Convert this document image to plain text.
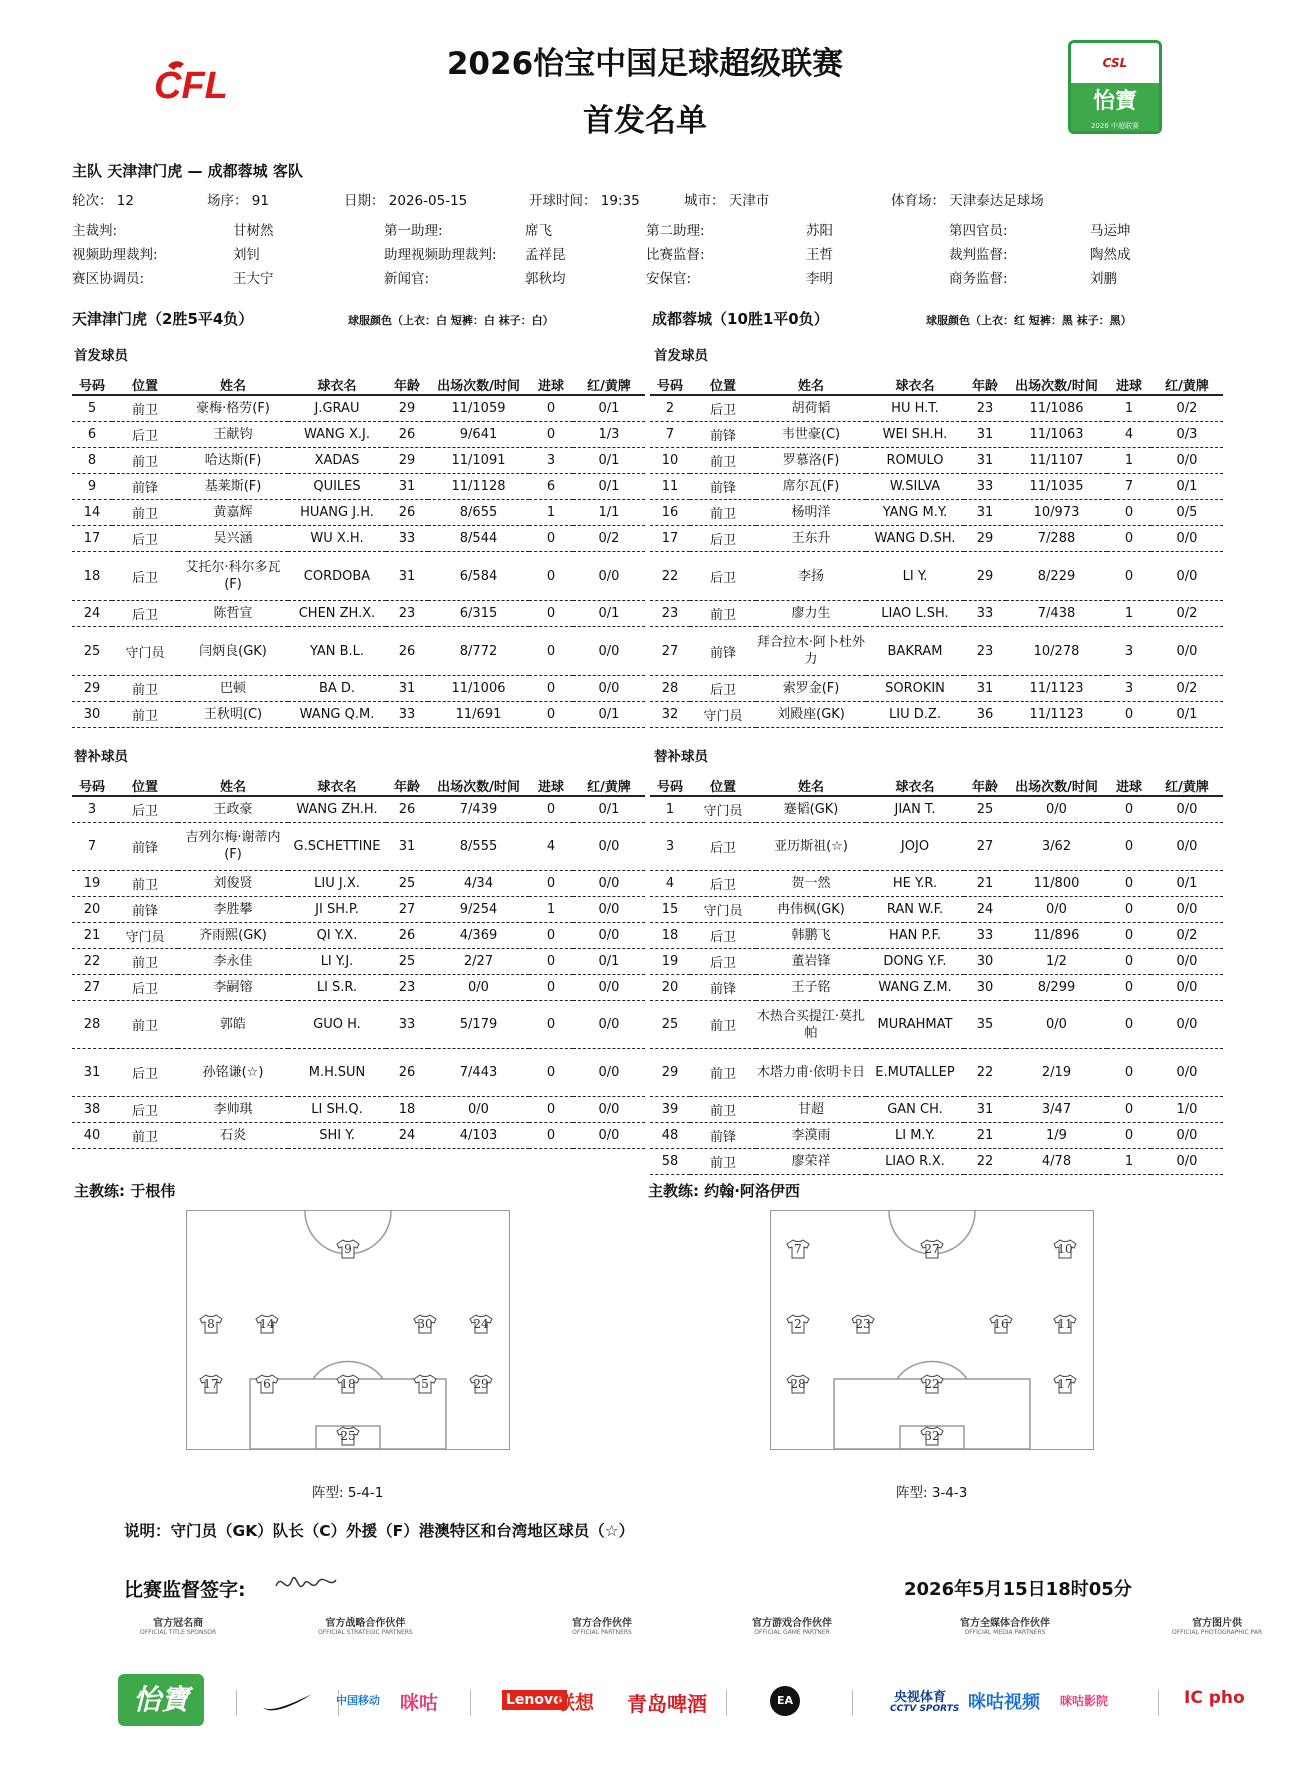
CFL
2026怡宝中国足球超级联赛
首发名单
CSL
怡寶
2026 中超联赛
主队 天津津门虎 — 成都蓉城 客队
轮次： 12	场序： 91	日期： 2026-05-15	开球时间： 19:35	城市： 天津市	体育场： 天津泰达足球场
主裁判:	甘树然	第一助理:	席飞	第二助理:	苏阳	第四官员:	马运坤
视频助理裁判:	刘钊	助理视频助理裁判: 孟祥昆	比赛监督:	王哲	裁判监督:	陶然成
赛区协调员:	王大宁	新闻官:	郭秋均	安保官:	李明	商务监督:	刘鹏
天津津门虎（2胜5平4负）	球服颜色（上衣：白 短裤：白 袜子：白）	成都蓉城（10胜1平0负）	球服颜色（上衣：红 短裤：黑 袜子：黑）
首发球员	首发球员
替补球员	替补球员
号码	位置	姓名	球衣名	年龄	出场次数/时间	进球	红/黄牌
5	前卫	豪梅·格劳(F)	J.GRAU	29	11/1059	0	0/1
6	后卫	王献钧	WANG X.J.	26	9/641	0	1/3
8	前卫	哈达斯(F)	XADAS	29	11/1091	3	0/1
9	前锋	基莱斯(F)	QUILES	31	11/1128	6	0/1
14	前卫	黄嘉辉	HUANG J.H.	26	8/655	1	1/1
17	后卫	吴兴涵	WU X.H.	33	8/544	0	0/2
18	后卫	艾托尔·科尔多瓦(F)	CORDOBA	31	6/584	0	0/0
24	后卫	陈哲宣	CHEN ZH.X.	23	6/315	0	0/1
25	守门员	闫炳良(GK)	YAN B.L.	26	8/772	0	0/0
29	前卫	巴顿	BA D.	31	11/1006	0	0/0
30	前卫	王秋明(C)	WANG Q.M.	33	11/691	0	0/1
号码	位置	姓名	球衣名	年龄	出场次数/时间	进球	红/黄牌
2	后卫	胡荷韬	HU H.T.	23	11/1086	1	0/2
7	前锋	韦世豪(C)	WEI SH.H.	31	11/1063	4	0/3
10	前卫	罗慕洛(F)	ROMULO	31	11/1107	1	0/0
11	前锋	席尔瓦(F)	W.SILVA	33	11/1035	7	0/1
16	前卫	杨明洋	YANG M.Y.	31	10/973	0	0/5
17	后卫	王东升	WANG D.SH.	29	7/288	0	0/0
22	后卫	李扬	LI Y.	29	8/229	0	0/0
23	前卫	廖力生	LIAO L.SH.	33	7/438	1	0/2
27	前锋	拜合拉木·阿卜杜外力	BAKRAM	23	10/278	3	0/0
28	后卫	索罗金(F)	SOROKIN	31	11/1123	3	0/2
32	守门员	刘殿座(GK)	LIU D.Z.	36	11/1123	0	0/1
号码	位置	姓名	球衣名	年龄	出场次数/时间	进球	红/黄牌
3	后卫	王政豪	WANG ZH.H.	26	7/439	0	0/1
7	前锋	吉列尔梅·谢蒂内(F)	G.SCHETTINE	31	8/555	4	0/0
19	前卫	刘俊贤	LIU J.X.	25	4/34	0	0/0
20	前锋	李胜攀	JI SH.P.	27	9/254	1	0/0
21	守门员	齐雨熙(GK)	QI Y.X.	26	4/369	0	0/0
22	前卫	李永佳	LI Y.J.	25	2/27	0	0/1
27	后卫	李嗣镕	LI S.R.	23	0/0	0	0/0
28	前卫	郭皓	GUO H.	33	5/179	0	0/0
31	后卫	孙铭谦(☆)	M.H.SUN	26	7/443	0	0/0
38	后卫	李帅琪	LI SH.Q.	18	0/0	0	0/0
40	前卫	石炎	SHI Y.	24	4/103	0	0/0
号码	位置	姓名	球衣名	年龄	出场次数/时间	进球	红/黄牌
1	守门员	蹇韬(GK)	JIAN T.	25	0/0	0	0/0
3	后卫	亚历斯祖(☆)	JOJO	27	3/62	0	0/0
4	后卫	贺一然	HE Y.R.	21	11/800	0	0/1
15	守门员	冉伟枫(GK)	RAN W.F.	24	0/0	0	0/0
18	后卫	韩鹏飞	HAN P.F.	33	11/896	0	0/2
19	后卫	董岩锋	DONG Y.F.	30	1/2	0	0/0
20	前锋	王子铭	WANG Z.M.	30	8/299	0	0/0
25	前卫	木热合买提江·莫扎帕	MURAHMAT	35	0/0	0	0/0
29	前卫	木塔力甫·依明卡日	E.MUTALLEP	22	2/19	0	0/0
39	前卫	甘超	GAN CH.	31	3/47	0	1/0
48	前锋	李漠雨	LI M.Y.	21	1/9	0	0/0
58	前卫	廖荣祥	LIAO R.X.	22	4/78	1	0/0
主教练: 于根伟	主教练: 约翰·阿洛伊西
9
8	14	30	24
17	6	18	5	29
25
7	27	10
2	23	16	11
28	22	17
32
阵型: 5-4-1	阵型: 3-4-3
说明：守门员（GK）队长（C）外援（F）港澳特区和台湾地区球员（☆）
比赛监督签字:	2026年5月15日18时05分
官方冠名商
OFFICIAL TITLE SPONSOR
官方战略合作伙伴
OFFICIAL STRATEGIC PARTNERS
官方合作伙伴
OFFICIAL PARTNERS
官方游戏合作伙伴
OFFICIAL GAME PARTNER
官方全媒体合作伙伴
OFFICIAL MEDIA PARTNERS
官方图片供
OFFICIAL PHOTOGRAPHIC PAR
怡寶	中国移动 咪咕	Lenovo
联想 青岛啤酒	EA	央视体育
CCTV SPORTS 咪咕视频 咪咕影院	IC pho
